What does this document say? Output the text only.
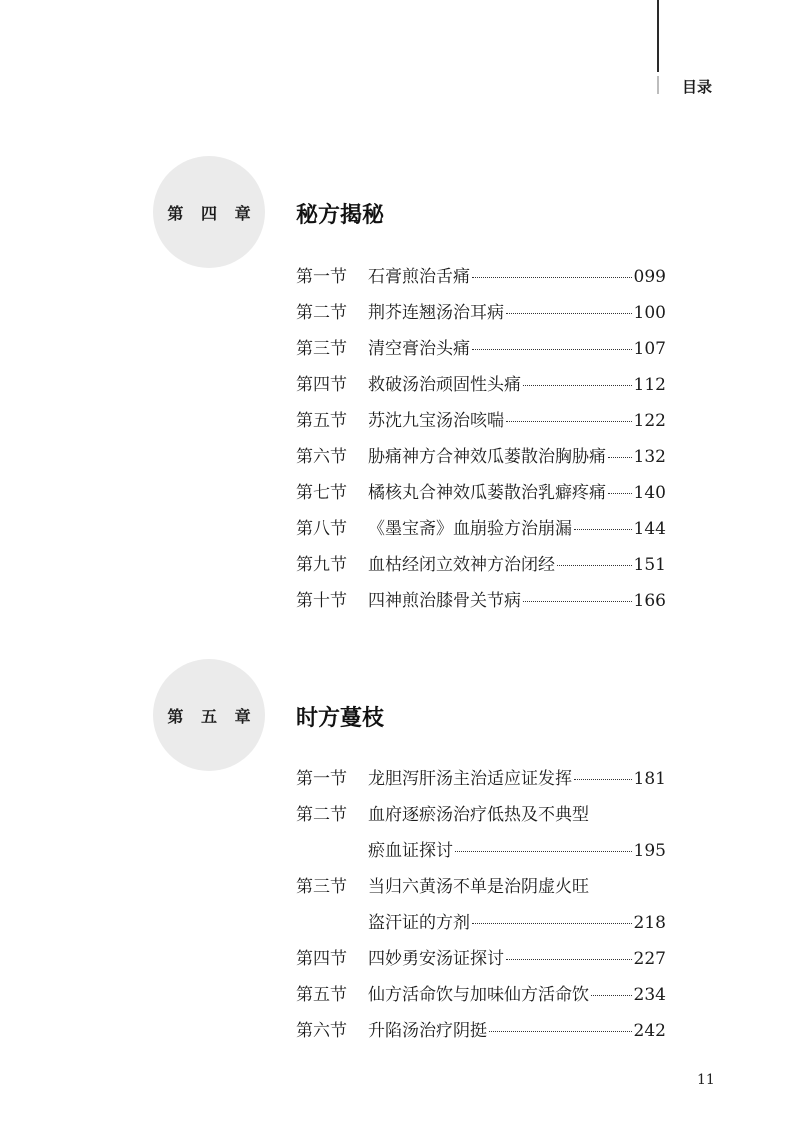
目录
第 四 章 秘方揭秘
第一节	石膏煎治舌痛	099
第二节	荆芥连翘汤治耳病	100
第三节	清空膏治头痛	107
第四节	救破汤治顽固性头痛	112
第五节	苏沈九宝汤治咳喘	122
第六节	胁痛神方合神效瓜蒌散治胸胁痛 132
第七节	橘核丸合神效瓜蒌散治乳癖疼痛 140
第八节	《墨宝斋》血崩验方治崩漏	144
第九节	血枯经闭立效神方治闭经	151
第十节	四神煎治膝骨关节病	166
第 五 章 时方蔓枝
第一节	龙胆泻肝汤主治适应证发挥	181
第二节	血府逐瘀汤治疗低热及不典型
瘀血证探讨	195
第三节	当归六黄汤不单是治阴虚火旺
盗汗证的方剂	218
第四节	四妙勇安汤证探讨	227
第五节	仙方活命饮与加味仙方活命饮	234
第六节	升陷汤治疗阴挺	242
11
